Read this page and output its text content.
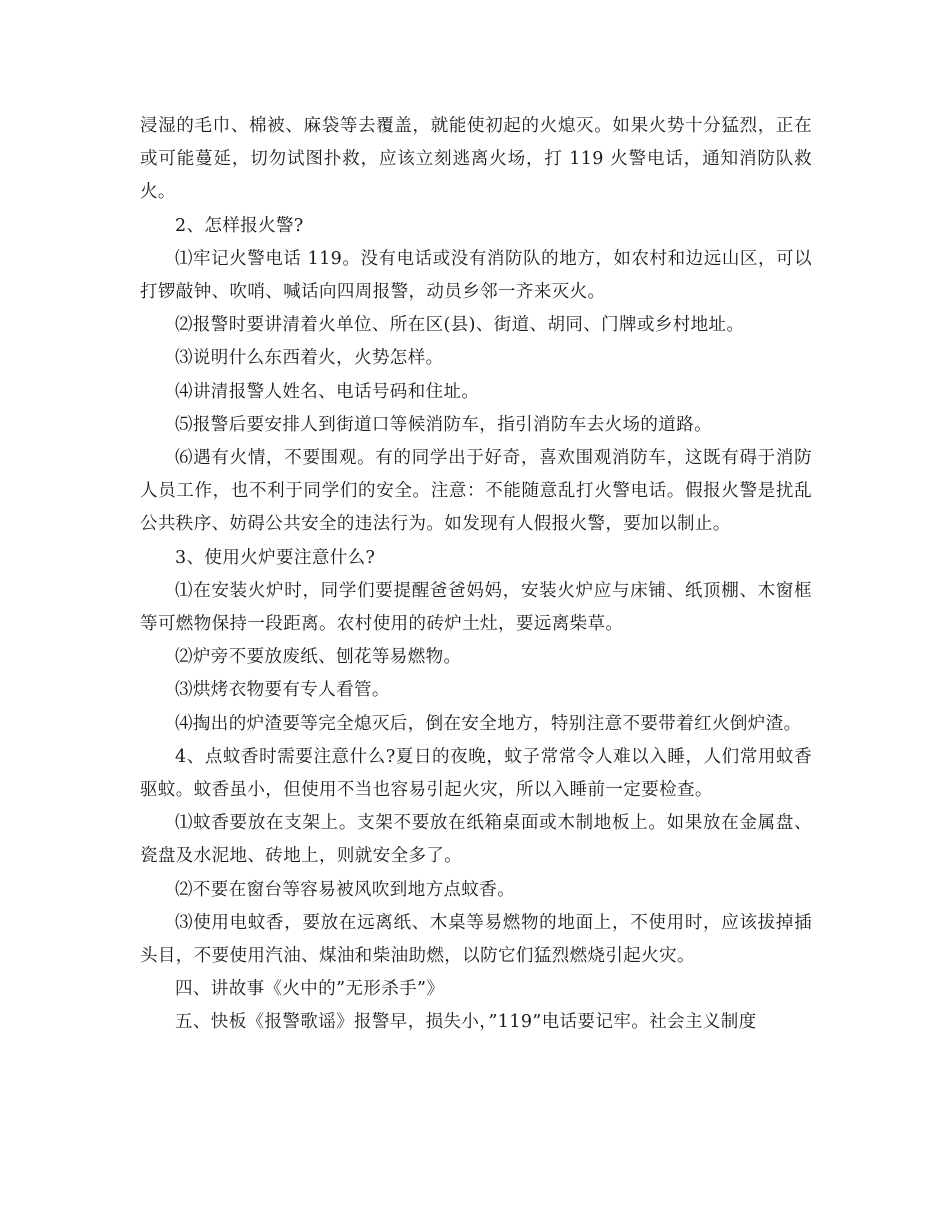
浸湿的毛巾、棉被、麻袋等去覆盖，就能使初起的火熄灭。如果火势十分猛烈，正在或可能蔓延，切勿试图扑救，应该立刻逃离火场，打 119 火警电话，通知消防队救火。

2、怎样报火警?

⑴牢记火警电话 119。没有电话或没有消防队的地方，如农村和边远山区，可以打锣敲钟、吹哨、喊话向四周报警，动员乡邻一齐来灭火。

⑵报警时要讲清着火单位、所在区(县)、街道、胡同、门牌或乡村地址。

⑶说明什么东西着火，火势怎样。

⑷讲清报警人姓名、电话号码和住址。

⑸报警后要安排人到街道口等候消防车，指引消防车去火场的道路。

⑹遇有火情，不要围观。有的同学出于好奇，喜欢围观消防车，这既有碍于消防人员工作，也不利于同学们的安全。注意：不能随意乱打火警电话。假报火警是扰乱公共秩序、妨碍公共安全的违法行为。如发现有人假报火警，要加以制止。

3、使用火炉要注意什么?

⑴在安装火炉时，同学们要提醒爸爸妈妈，安装火炉应与床铺、纸顶棚、木窗框等可燃物保持一段距离。农村使用的砖炉土灶，要远离柴草。

⑵炉旁不要放废纸、刨花等易燃物。

⑶烘烤衣物要有专人看管。

⑷掏出的炉渣要等完全熄灭后，倒在安全地方，特别注意不要带着红火倒炉渣。

4、点蚊香时需要注意什么?夏日的夜晚，蚊子常常令人难以入睡，人们常用蚊香驱蚊。蚊香虽小，但使用不当也容易引起火灾，所以入睡前一定要检查。

⑴蚊香要放在支架上。支架不要放在纸箱桌面或木制地板上。如果放在金属盘、瓷盘及水泥地、砖地上，则就安全多了。

⑵不要在窗台等容易被风吹到地方点蚊香。

⑶使用电蚊香，要放在远离纸、木桌等易燃物的地面上，不使用时，应该拔掉插头目，不要使用汽油、煤油和柴油助燃，以防它们猛烈燃烧引起火灾。

四、讲故事《火中的”无形杀手”》

五、快板《报警歌谣》报警早，损失小，”119”电话要记牢。社会主义制度
